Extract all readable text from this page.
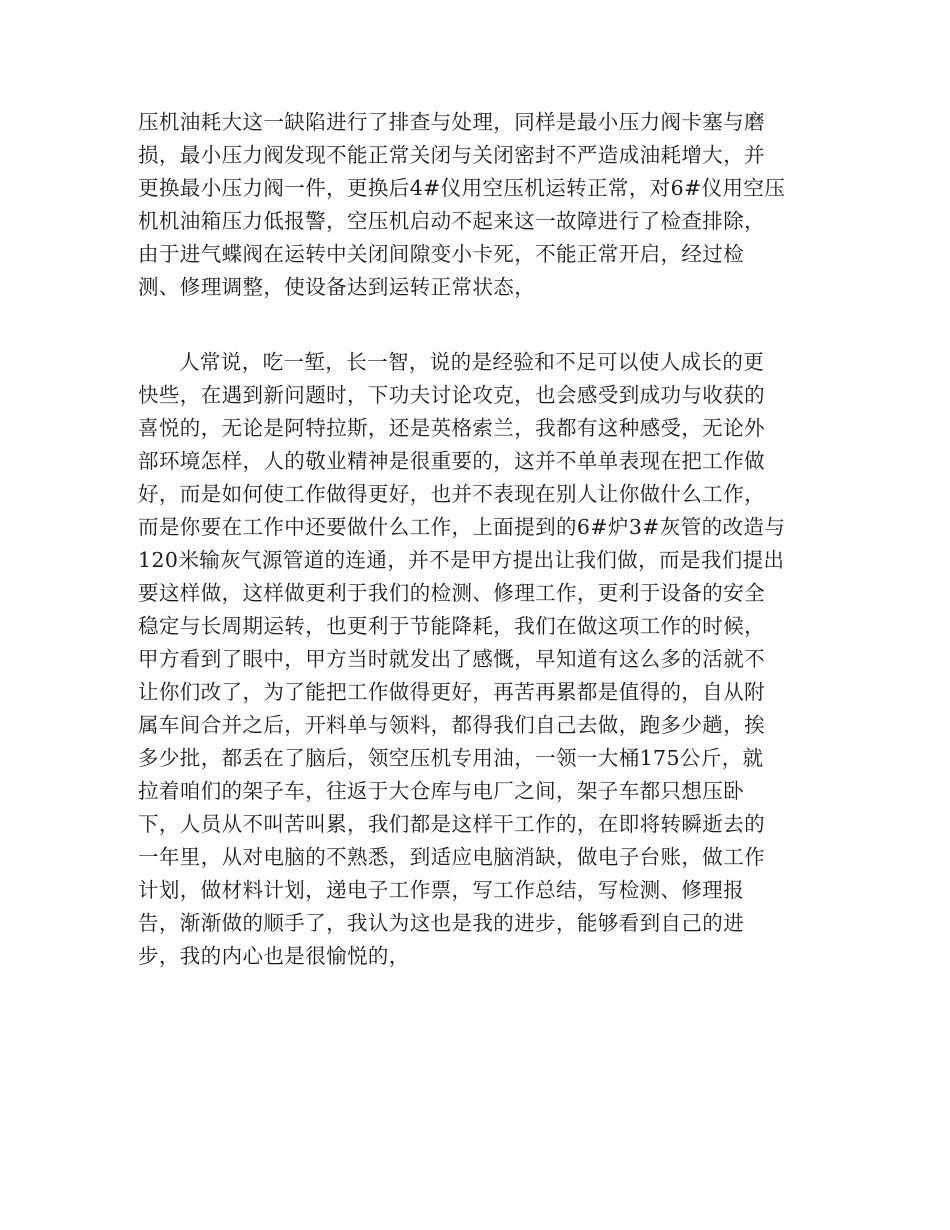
压机油耗大这一缺陷进行了排查与处理，同样是最小压力阀卡塞与磨
损，最小压力阀发现不能正常关闭与关闭密封不严造成油耗增大，并
更换最小压力阀一件，更换后4#仪用空压机运转正常，对6#仪用空压
机机油箱压力低报警，空压机启动不起来这一故障进行了检查排除，
由于进气蝶阀在运转中关闭间隙变小卡死，不能正常开启，经过检
测、修理调整，使设备达到运转正常状态，
人常说，吃一堑，长一智，说的是经验和不足可以使人成长的更
快些，在遇到新问题时，下功夫讨论攻克，也会感受到成功与收获的
喜悦的，无论是阿特拉斯，还是英格索兰，我都有这种感受，无论外
部环境怎样，人的敬业精神是很重要的，这并不单单表现在把工作做
好，而是如何使工作做得更好，也并不表现在别人让你做什么工作，
而是你要在工作中还要做什么工作，上面提到的6#炉3#灰管的改造与
120米输灰气源管道的连通，并不是甲方提出让我们做，而是我们提出
要这样做，这样做更利于我们的检测、修理工作，更利于设备的安全
稳定与长周期运转，也更利于节能降耗，我们在做这项工作的时候，
甲方看到了眼中，甲方当时就发出了感慨，早知道有这么多的活就不
让你们改了，为了能把工作做得更好，再苦再累都是值得的，自从附
属车间合并之后，开料单与领料，都得我们自己去做，跑多少趟，挨
多少批，都丢在了脑后，领空压机专用油，一领一大桶175公斤，就
拉着咱们的架子车，往返于大仓库与电厂之间，架子车都只想压卧
下，人员从不叫苦叫累，我们都是这样干工作的，在即将转瞬逝去的
一年里，从对电脑的不熟悉，到适应电脑消缺，做电子台账，做工作
计划，做材料计划，递电子工作票，写工作总结，写检测、修理报
告，渐渐做的顺手了，我认为这也是我的进步，能够看到自己的进
步，我的内心也是很愉悦的，
